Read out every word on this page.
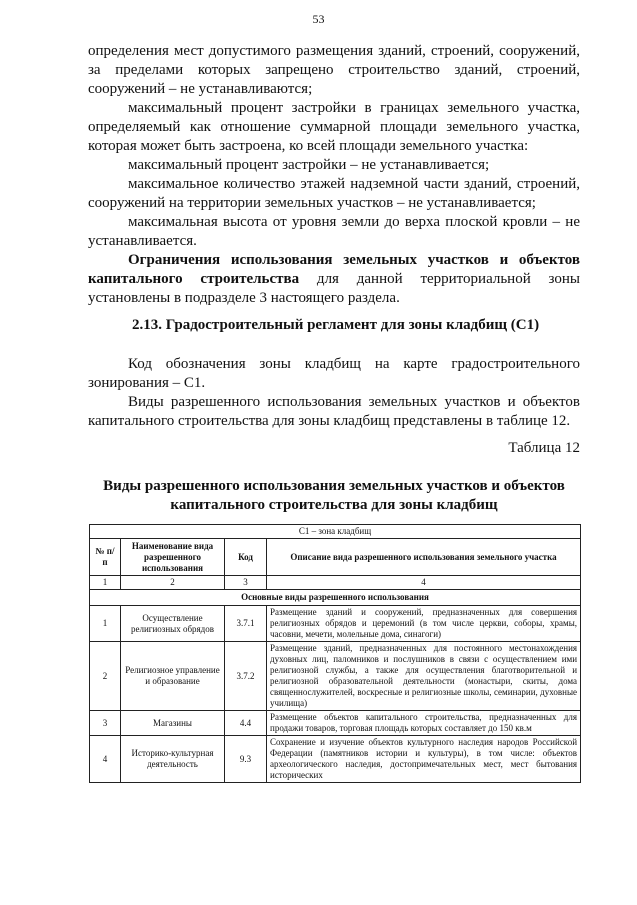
53

определения мест допустимого размещения зданий, строений, сооружений, за пределами которых запрещено строительство зданий, строений, сооружений – не устанавливаются;

максимальный процент застройки в границах земельного участка, определяемый как отношение суммарной площади земельного участка, которая может быть застроена, ко всей площади земельного участка:

максимальный процент застройки – не устанавливается;

максимальное количество этажей надземной части зданий, строений, сооружений на территории земельных участков – не устанавливается;

максимальная высота от уровня земли до верха плоской кровли – не устанавливается.

Ограничения использования земельных участков и объектов капитального строительства для данной территориальной зоны установлены в подразделе 3 настоящего раздела.

2.13. Градостроительный регламент для зоны кладбищ (С1)

Код обозначения зоны кладбищ на карте градостроительного зонирования – С1.

Виды разрешенного использования земельных участков и объектов капитального строительства для зоны кладбищ представлены в таблице 12.

Таблица 12
Виды разрешенного использования земельных участков и объектов капитального строительства для зоны кладбищ
С1 – зона кладбищ			
№ п/п	Наименование вида разрешенного использования	Код	Описание вида разрешенного использования земельного участка
1	2	3	4
Основные виды разрешенного использования			
1	Осуществление религиозных обрядов	3.7.1	Размещение зданий и сооружений, предназначенных для совершения религиозных обрядов и церемоний (в том числе церкви, соборы, храмы, часовни, мечети, молельные дома, синагоги)
2	Религиозное управление и образование	3.7.2	Размещение зданий, предназначенных для постоянного местонахождения духовных лиц, паломников и послушников в связи с осуществлением ими религиозной службы, а также для осуществления благотворительной и религиозной образовательной деятельности (монастыри, скиты, дома священнослужителей, воскресные и религиозные школы, семинарии, духовные училища)
3	Магазины	4.4	Размещение объектов капитального строительства, предназначенных для продажи товаров, торговая площадь которых составляет до 150 кв.м
4	Историко-культурная деятельность	9.3	Сохранение и изучение объектов культурного наследия народов Российской Федерации (памятников истории и культуры), в том числе: объектов археологического наследия, достопримечательных мест, мест бытования исторических
